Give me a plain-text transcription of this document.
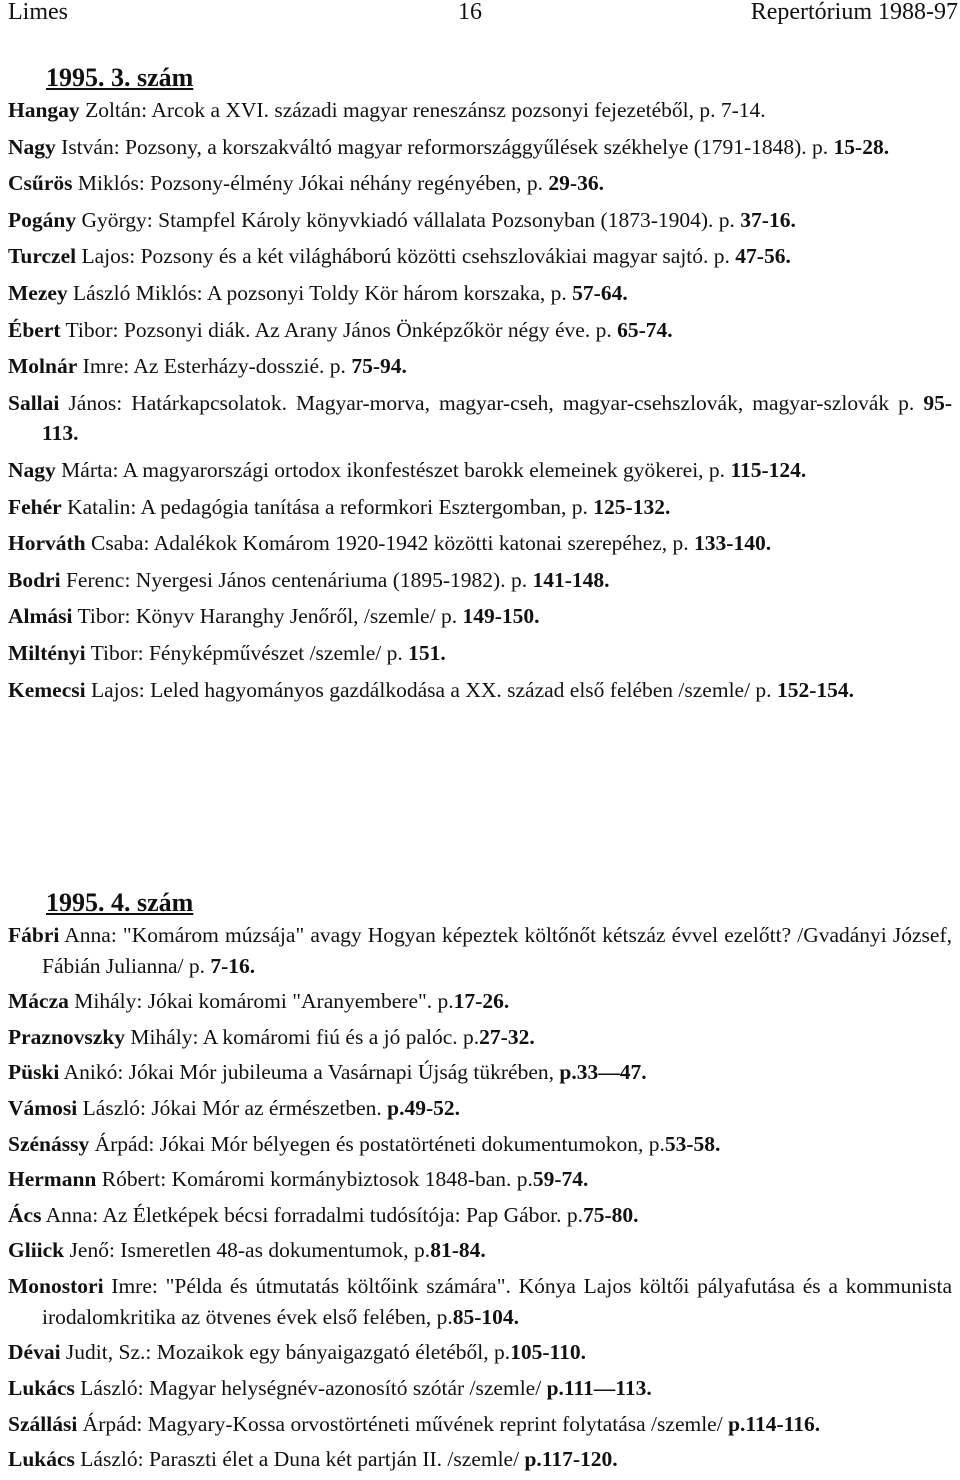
Limes	16	Repertórium 1988-97
1995. 3. szám
Hangay Zoltán: Arcok a XVI. századi magyar reneszánsz pozsonyi fejezetéből, p. 7-14.
Nagy István: Pozsony, a korszakváltó magyar reformországgyűlések székhelye (1791-1848). p. 15-28.
Csűrös Miklós: Pozsony-élmény Jókai néhány regényében, p. 29-36.
Pogány György: Stampfel Károly könyvkiadó vállalata Pozsonyban (1873-1904). p. 37-16.
Turczel Lajos: Pozsony és a két világháború közötti csehszlovákiai magyar sajtó. p. 47-56.
Mezey László Miklós: A pozsonyi Toldy Kör három korszaka, p. 57-64.
Ébert Tibor: Pozsonyi diák. Az Arany János Önképzőkör négy éve. p. 65-74.
Molnár Imre: Az Esterházy-dosszié. p. 75-94.
Sallai János: Határkapcsolatok. Magyar-morva, magyar-cseh, magyar-csehszlovák, magyar-szlovák p. 95-113.
Nagy Márta: A magyarországi ortodox ikonfestészet barokk elemeinek gyökerei, p. 115-124.
Fehér Katalin: A pedagógia tanítása a reformkori Esztergomban, p. 125-132.
Horváth Csaba: Adalékok Komárom 1920-1942 közötti katonai szerepéhez, p. 133-140.
Bodri Ferenc: Nyergesi János centenáriuma (1895-1982). p. 141-148.
Almási Tibor: Könyv Haranghy Jenőről, /szemle/ p. 149-150.
Miltényi Tibor: Fényképművészet /szemle/ p. 151.
Kemecsi Lajos: Leled hagyományos gazdálkodása a XX. század első felében /szemle/ p. 152-154.
1995. 4. szám
Fábri Anna: "Komárom múzsája" avagy Hogyan képeztek költőnőt kétszáz évvel ezelőtt? /Gvadányi József, Fábián Julianna/ p. 7-16.
Mácza Mihály: Jókai komáromi "Aranyembere". p.17-26.
Praznovszky Mihály: A komáromi fiú és a jó palóc. p.27-32.
Püski Anikó: Jókai Mór jubileuma a Vasárnapi Újság tükrében, p.33—47.
Vámosi László: Jókai Mór az érmészetben. p.49-52.
Szénássy Árpád: Jókai Mór bélyegen és postatörténeti dokumentumokon, p.53-58.
Hermann Róbert: Komáromi kormánybiztosok 1848-ban. p.59-74.
Ács Anna: Az Életképek bécsi forradalmi tudósítója: Pap Gábor. p.75-80.
Gliick Jenő: Ismeretlen 48-as dokumentumok, p.81-84.
Monostori Imre: "Példa és útmutatás költőink számára". Kónya Lajos költői pályafutása és a kommunista irodalomkritika az ötvenes évek első felében, p.85-104.
Dévai Judit, Sz.: Mozaikok egy bányaigazgató életéből, p.105-110.
Lukács László: Magyar helységnév-azonosító szótár /szemle/ p.111—113.
Szállási Árpád: Magyary-Kossa orvostörténeti művének reprint folytatása /szemle/ p.114-116.
Lukács László: Paraszti élet a Duna két partján II. /szemle/ p.117-120.
